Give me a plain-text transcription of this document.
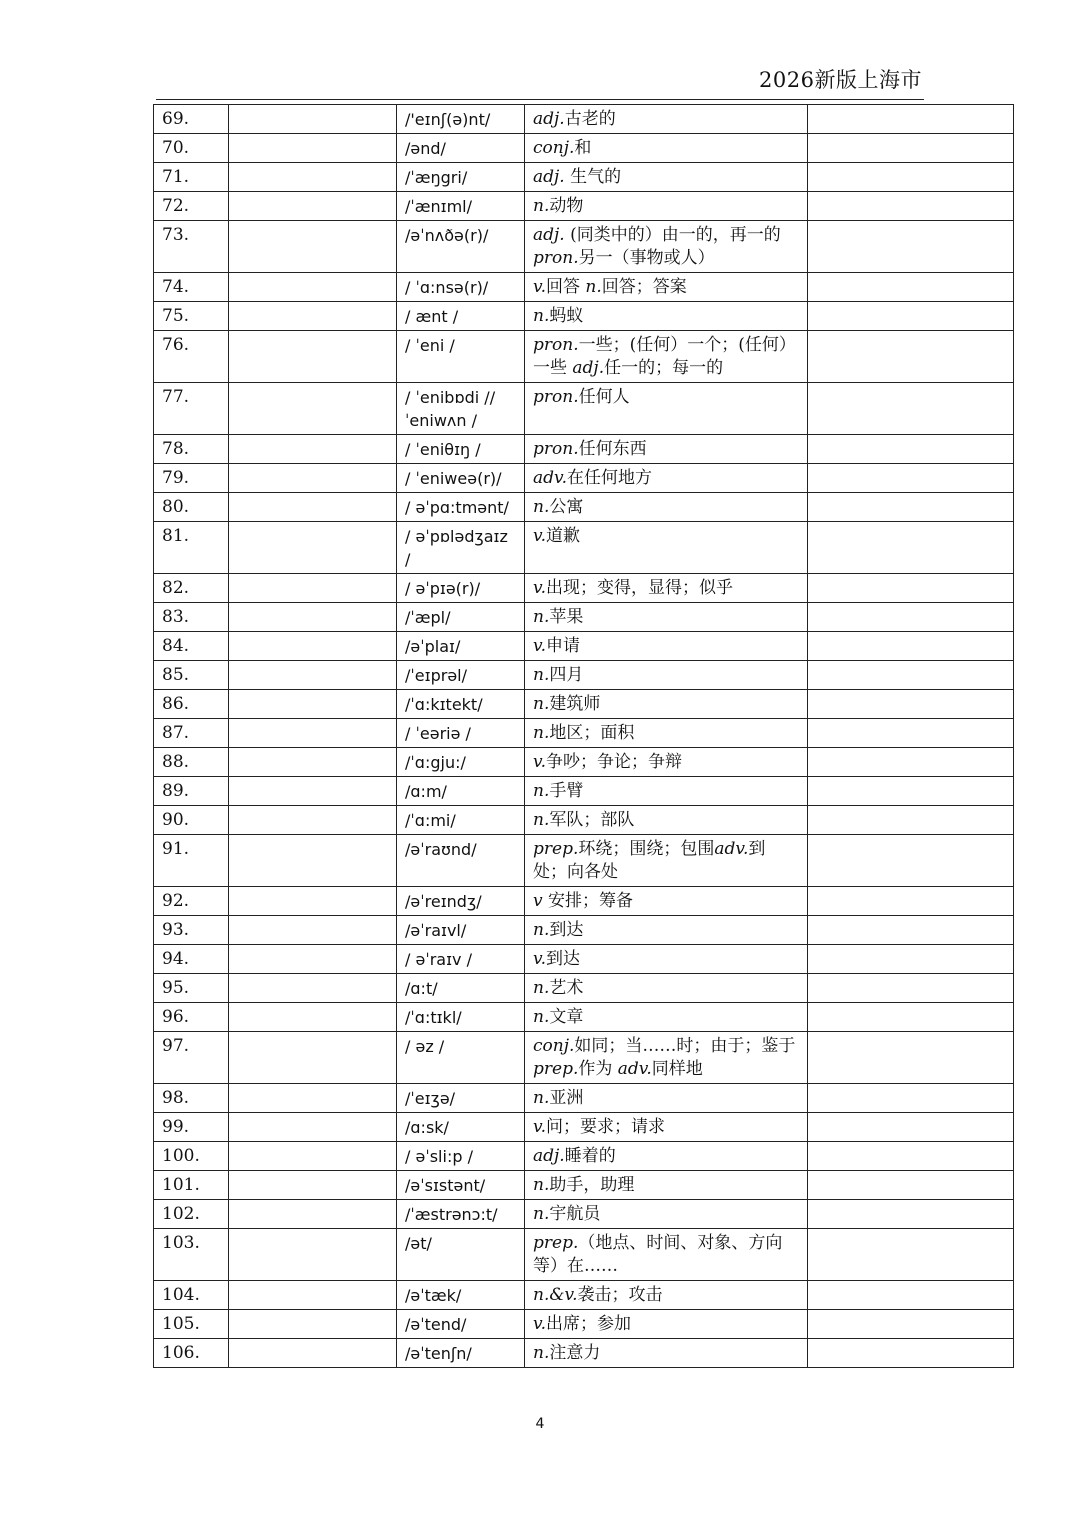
2026新版上海市
69.		/'eɪnʃ(ə)nt/	adj.古老的	
70.		/ənd/	conj.和	
71.		/ˈæŋgri/	adj. 生气的	
72.		/ˈænɪml/	n.动物	
73.		/əˈnʌðə(r)/	adj. (同类中的）由一的，再一的pron.另一（事物或人）	
74.		/ ˈɑ:nsə(r)/	v.回答 n.回答；答案	
75.		/ ænt /	n.蚂蚁	
76.		/ ˈeni /	pron.一些；(任何）一个；(任何）一些 adj.任一的；每一的	
77.		/ ˈenibɒdi // ˈeniwʌn /	pron.任何人	
78.		/ ˈeniθɪŋ /	pron.任何东西	
79.		/ ˈeniweə(r)/	adv.在任何地方	
80.		/ əˈpɑ:tmənt/	n.公寓	
81.		/ əˈpɒlədʒaɪz /	v.道歉	
82.		/ əˈpɪə(r)/	v.出现；变得，显得；似乎	
83.		/ˈæpl/	n.苹果	
84.		/əˈplaɪ/	v.申请	
85.		/ˈeɪprəl/	n.四月	
86.		/ˈɑ:kɪtekt/	n.建筑师	
87.		/ ˈeəriə /	n.地区；面积	
88.		/ˈɑ:gju:/	v.争吵；争论；争辩	
89.		/ɑ:m/	n.手臂	
90.		/ˈɑ:mi/	n.军队；部队	
91.		/əˈraʊnd/	prep.环绕；围绕；包围adv.到处；向各处	
92.		/əˈreɪndʒ/	v 安排；筹备	
93.		/əˈraɪvl/	n.到达	
94.		/ əˈraɪv /	v.到达	
95.		/ɑ:t/	n.艺术	
96.		/ˈɑ:tɪkl/	n.文章	
97.		/ əz /	conj.如同；当……时；由于；鉴于 prep.作为 adv.同样地	
98.		/ˈeɪʒə/	n.亚洲	
99.		/ɑ:sk/	v.问；要求；请求	
100.		/ əˈsli:p /	adj.睡着的	
101.		/əˈsɪstənt/	n.助手，助理	
102.		/ˈæstrənɔ:t/	n.宇航员	
103.		/ət/	prep.（地点、时间、对象、方向等）在……	
104.		/əˈtæk/	n.&v.袭击；攻击	
105.		/əˈtend/	v.出席；参加	
106.		/əˈtenʃn/	n.注意力	
4
